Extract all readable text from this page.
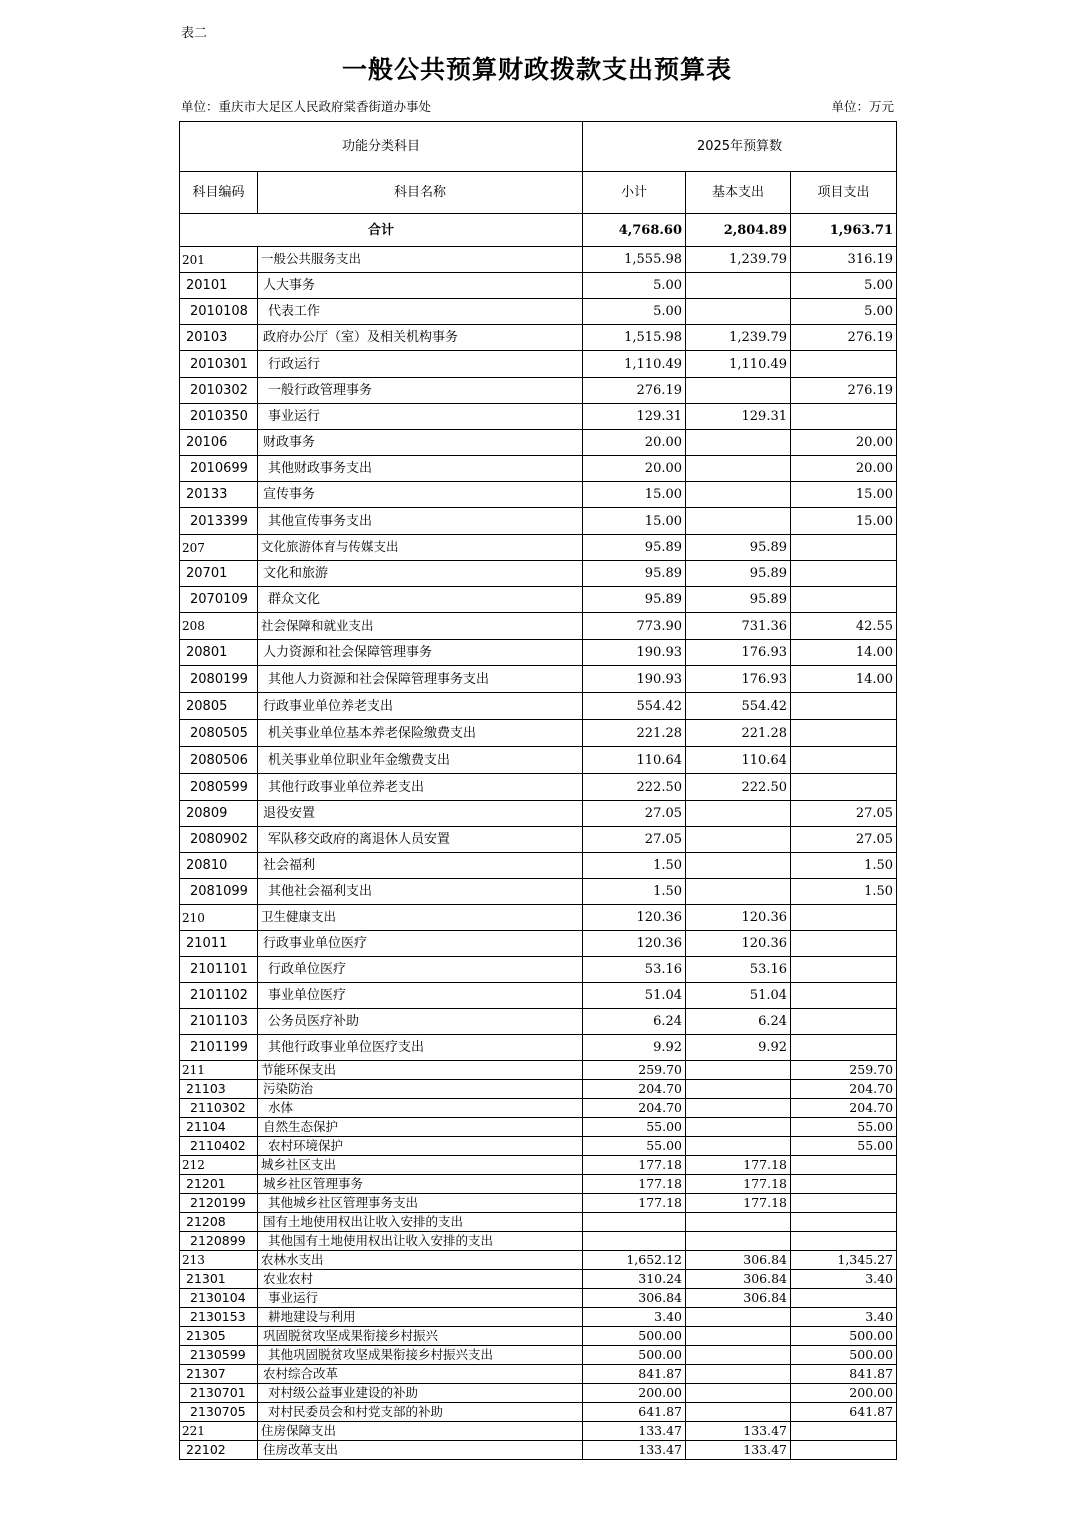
表二
一般公共预算财政拨款支出预算表
单位：重庆市大足区人民政府棠香街道办事处	单位：万元
功能分类科目		2025年预算数		
科目编码	科目名称	小计	基本支出	项目支出
合计		4,768.60	2,804.89	1,963.71
201	一般公共服务支出	1,555.98	1,239.79	316.19
20101	人大事务	5.00		5.00
2010108	代表工作	5.00		5.00
20103	政府办公厅（室）及相关机构事务	1,515.98	1,239.79	276.19
2010301	行政运行	1,110.49	1,110.49	
2010302	一般行政管理事务	276.19		276.19
2010350	事业运行	129.31	129.31	
20106	财政事务	20.00		20.00
2010699	其他财政事务支出	20.00		20.00
20133	宣传事务	15.00		15.00
2013399	其他宣传事务支出	15.00		15.00
207	文化旅游体育与传媒支出	95.89	95.89	
20701	文化和旅游	95.89	95.89	
2070109	群众文化	95.89	95.89	
208	社会保障和就业支出	773.90	731.36	42.55
20801	人力资源和社会保障管理事务	190.93	176.93	14.00
2080199	其他人力资源和社会保障管理事务支出	190.93	176.93	14.00
20805	行政事业单位养老支出	554.42	554.42	
2080505	机关事业单位基本养老保险缴费支出	221.28	221.28	
2080506	机关事业单位职业年金缴费支出	110.64	110.64	
2080599	其他行政事业单位养老支出	222.50	222.50	
20809	退役安置	27.05		27.05
2080902	军队移交政府的离退休人员安置	27.05		27.05
20810	社会福利	1.50		1.50
2081099	其他社会福利支出	1.50		1.50
210	卫生健康支出	120.36	120.36	
21011	行政事业单位医疗	120.36	120.36	
2101101	行政单位医疗	53.16	53.16	
2101102	事业单位医疗	51.04	51.04	
2101103	公务员医疗补助	6.24	6.24	
2101199	其他行政事业单位医疗支出	9.92	9.92	
211	节能环保支出	259.70		259.70
21103	污染防治	204.70		204.70
2110302	水体	204.70		204.70
21104	自然生态保护	55.00		55.00
2110402	农村环境保护	55.00		55.00
212	城乡社区支出	177.18	177.18	
21201	城乡社区管理事务	177.18	177.18	
2120199	其他城乡社区管理事务支出	177.18	177.18	
21208	国有土地使用权出让收入安排的支出			
2120899	其他国有土地使用权出让收入安排的支出			
213	农林水支出	1,652.12	306.84	1,345.27
21301	农业农村	310.24	306.84	3.40
2130104	事业运行	306.84	306.84	
2130153	耕地建设与利用	3.40		3.40
21305	巩固脱贫攻坚成果衔接乡村振兴	500.00		500.00
2130599	其他巩固脱贫攻坚成果衔接乡村振兴支出	500.00		500.00
21307	农村综合改革	841.87		841.87
2130701	对村级公益事业建设的补助	200.00		200.00
2130705	对村民委员会和村党支部的补助	641.87		641.87
221	住房保障支出	133.47	133.47	
22102	住房改革支出	133.47	133.47	
